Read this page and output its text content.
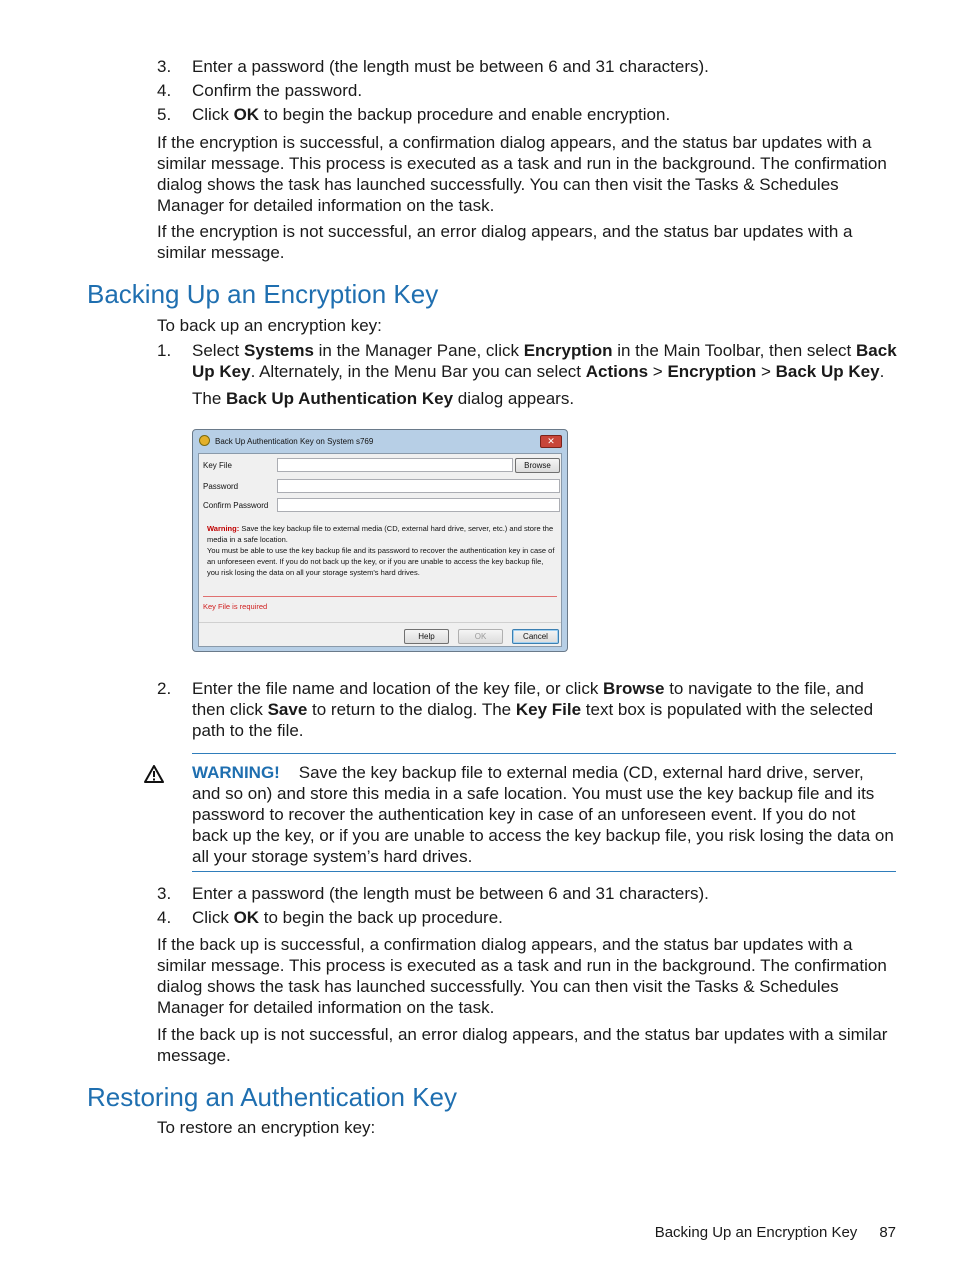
3.	Enter a password (the length must be between 6 and 31 characters).
4.	Confirm the password.
5.	Click OK to begin the backup procedure and enable encryption.
If the encryption is successful, a confirmation dialog appears, and the status bar updates with a similar message. This process is executed as a task and run in the background. The confirmation dialog shows the task has launched successfully. You can then visit the Tasks & Schedules Manager for detailed information on the task.
If the encryption is not successful, an error dialog appears, and the status bar updates with a similar message.
Backing Up an Encryption Key
To back up an encryption key:
1.	Select Systems in the Manager Pane, click Encryption in the Main Toolbar, then select Back Up Key. Alternately, in the Menu Bar you can select Actions > Encryption > Back Up Key.
The Back Up Authentication Key dialog appears.
Back Up Authentication Key on System s769	✕
Key File	Browse
Password
Confirm Password
Warning: Save the key backup file to external media (CD, external hard drive, server, etc.) and store the media in a safe location.
You must be able to use the key backup file and its password to recover the authentication key in case of an unforeseen event. If you do not back up the key, or if you are unable to access the key backup file, you risk losing the data on all your storage system's hard drives.
Key File is required
Help	OK	Cancel
2.	Enter the file name and location of the key file, or click Browse to navigate to the file, and then click Save to return to the dialog. The Key File text box is populated with the selected path to the file.
WARNING! Save the key backup file to external media (CD, external hard drive, server, and so on) and store this media in a safe location. You must use the key backup file and its password to recover the authentication key in case of an unforeseen event. If you do not back up the key, or if you are unable to access the key backup file, you risk losing the data on all your storage system’s hard drives.
3.	Enter a password (the length must be between 6 and 31 characters).
4.	Click OK to begin the back up procedure.
If the back up is successful, a confirmation dialog appears, and the status bar updates with a similar message. This process is executed as a task and run in the background. The confirmation dialog shows the task has launched successfully. You can then visit the Tasks & Schedules Manager for detailed information on the task.
If the back up is not successful, an error dialog appears, and the status bar updates with a similar message.
Restoring an Authentication Key
To restore an encryption key:
Backing Up an Encryption Key 87
